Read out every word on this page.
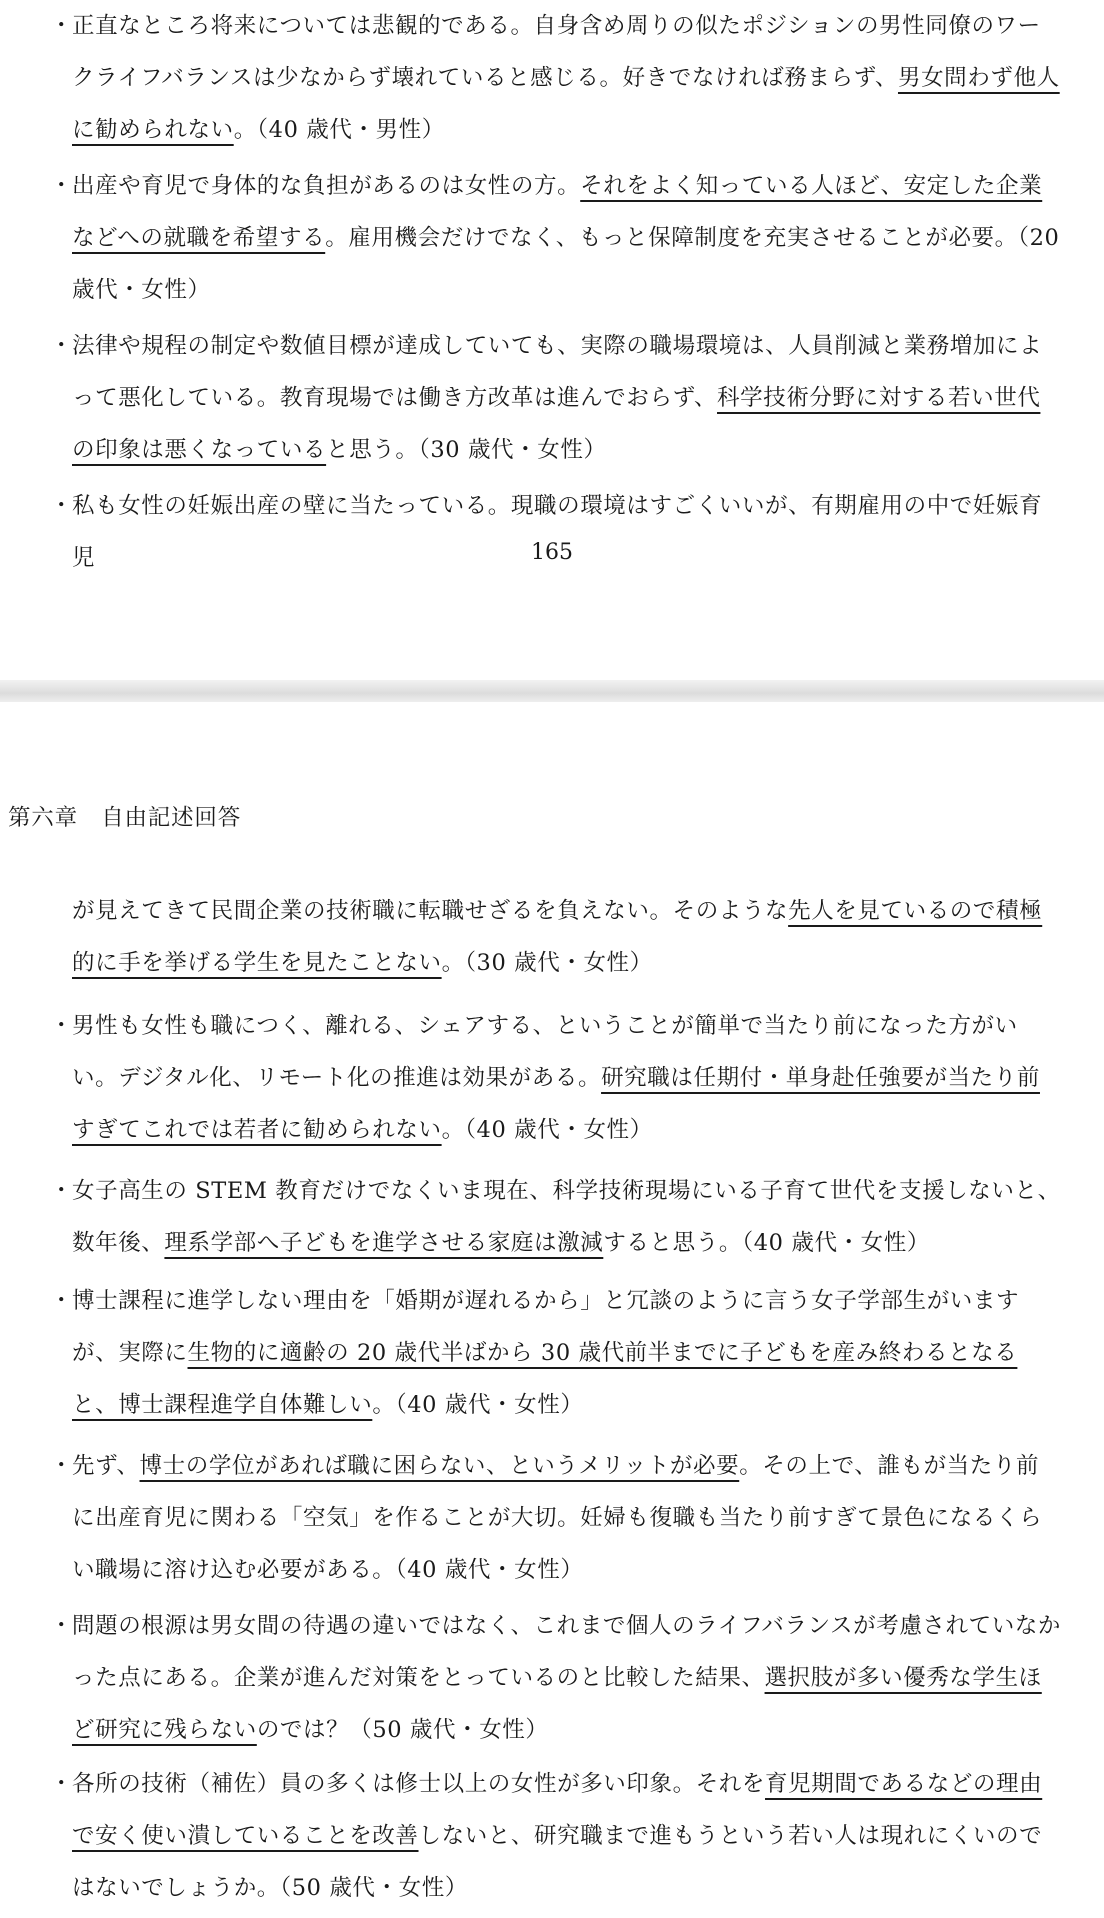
・ 正直なところ将来については悲観的である。自身含め周りの似たポジションの男性同僚のワークライフバランスは少なからず壊れていると感じる。好きでなければ務まらず、男女問わず他人に勧められない。（40 歳代・男性）
・ 出産や育児で身体的な負担があるのは女性の方。それをよく知っている人ほど、安定した企業などへの就職を希望する。雇用機会だけでなく、もっと保障制度を充実させることが必要。（20 歳代・女性）
・ 法律や規程の制定や数値目標が達成していても、実際の職場環境は、人員削減と業務増加によって悪化している。教育現場では働き方改革は進んでおらず、科学技術分野に対する若い世代の印象は悪くなっていると思う。（30 歳代・女性）
・ 私も女性の妊娠出産の壁に当たっている。現職の環境はすごくいいが、有期雇用の中で妊娠育児	165
第六章　自由記述回答
が見えてきて民間企業の技術職に転職せざるを負えない。そのような先人を見ているので積極的に手を挙げる学生を見たことない。（30 歳代・女性）
・ 男性も女性も職につく、離れる、シェアする、ということが簡単で当たり前になった方がいい。デジタル化、リモート化の推進は効果がある。研究職は任期付・単身赴任強要が当たり前すぎてこれでは若者に勧められない。（40 歳代・女性）
・ 女子高生の STEM 教育だけでなくいま現在、科学技術現場にいる子育て世代を支援しないと、数年後、理系学部へ子どもを進学させる家庭は激減すると思う。（40 歳代・女性）
・ 博士課程に進学しない理由を「婚期が遅れるから」と冗談のように言う女子学部生がいますが、実際に生物的に適齢の 20 歳代半ばから 30 歳代前半までに子どもを産み終わるとなると、博士課程進学自体難しい。（40 歳代・女性）
・ 先ず、博士の学位があれば職に困らない、というメリットが必要。その上で、誰もが当たり前に出産育児に関わる「空気」を作ることが大切。妊婦も復職も当たり前すぎて景色になるくらい職場に溶け込む必要がある。（40 歳代・女性）
・ 問題の根源は男女間の待遇の違いではなく、これまで個人のライフバランスが考慮されていなかった点にある。企業が進んだ対策をとっているのと比較した結果、選択肢が多い優秀な学生ほど研究に残らないのでは？（50 歳代・女性）
・ 各所の技術（補佐）員の多くは修士以上の女性が多い印象。それを育児期間であるなどの理由で安く使い潰していることを改善しないと、研究職まで進もうという若い人は現れにくいのではないでしょうか。（50 歳代・女性）
